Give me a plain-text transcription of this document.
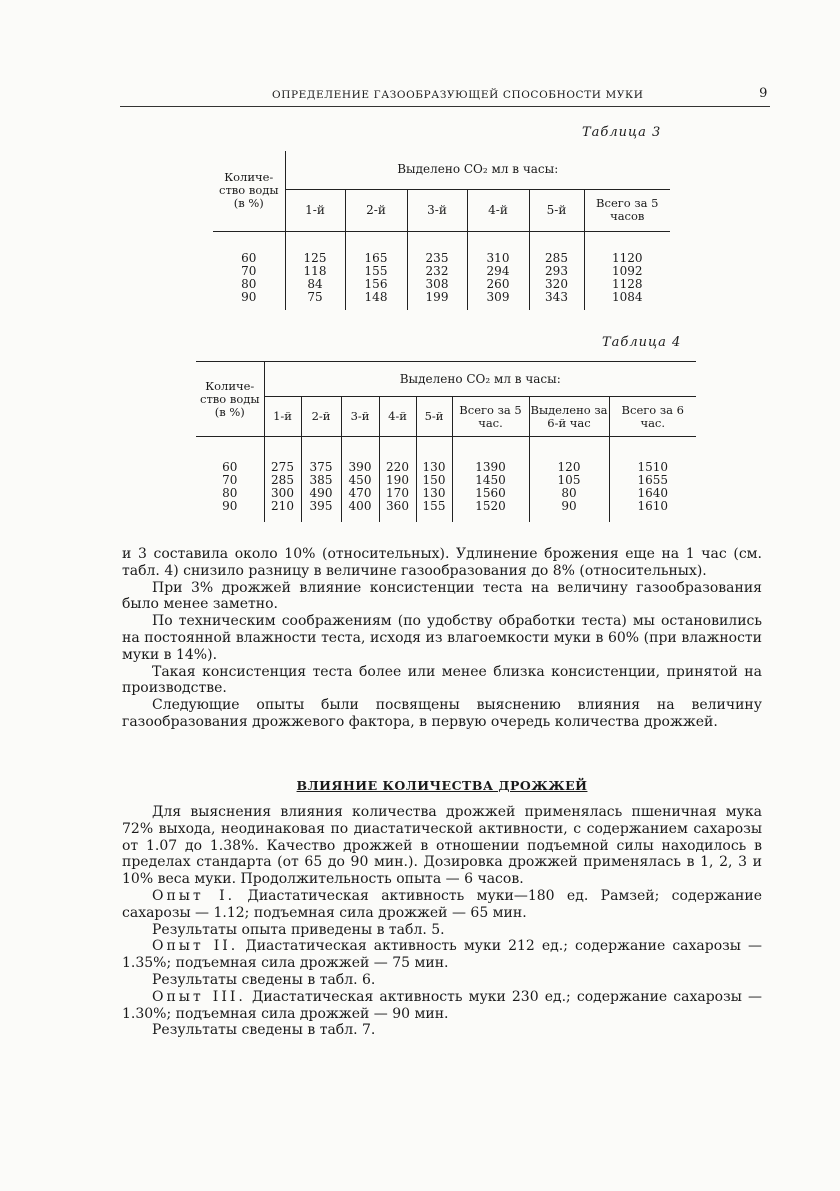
ОПРЕДЕЛЕНИЕ ГАЗООБРАЗУЮЩЕЙ СПОСОБНОСТИ МУКИ	9
Таблица 3
Количе-ство воды (в %)	Выделено CO₂ мл в часы:					
	1-й	2-й	3-й	4-й	5-й	Всего за 5 часов

60	125	165	235	310	285	1120
70	118	155	232	294	293	1092
80	84	156	308	260	320	1128
90	75	148	199	309	343	1084

Таблица 4
Количе-ство воды (в %)	Выделено CO₂ мл в часы:							
	1-й	2-й	3-й	4-й	5-й	Всего за 5 час.	Выделено за 6-й час	Всего за 6 час.

60	275	375	390	220	130	1390	120	1510
70	285	385	450	190	150	1450	105	1655
80	300	490	470	170	130	1560	80	1640
90	210	395	400	360	155	1520	90	1610

и 3 составила около 10% (относительных). Удлинение брожения еще на 1 час (см. табл. 4) снизило разницу в величине газообразования до 8% (относительных).

При 3% дрожжей влияние консистенции теста на величину газообразования было менее заметно.

По техническим соображениям (по удобству обработки теста) мы остановились на постоянной влажности теста, исходя из влагоемкости муки в 60% (при влажности муки в 14%).

Такая консистенция теста более или менее близка консистенции, принятой на производстве.

Следующие опыты были посвящены выяснению влияния на величину газообразования дрожжевого фактора, в первую очередь количества дрожжей.

ВЛИЯНИЕ КОЛИЧЕСТВА ДРОЖЖЕЙ

Для выяснения влияния количества дрожжей применялась пшеничная мука 72% выхода, неодинаковая по диастатической активности, с содержанием сахарозы от 1.07 до 1.38%. Качество дрожжей в отношении подъемной силы находилось в пределах стандарта (от 65 до 90 мин.). Дозировка дрожжей применялась в 1, 2, 3 и 10% веса муки. Продолжительность опыта — 6 часов.

Опыт I. Диастатическая активность муки—180 ед. Рамзей; содержание сахарозы — 1.12; подъемная сила дрожжей — 65 мин.

Результаты опыта приведены в табл. 5.

Опыт II. Диастатическая активность муки 212 ед.; содержание сахарозы — 1.35%; подъемная сила дрожжей — 75 мин.

Результаты сведены в табл. 6.

Опыт III. Диастатическая активность муки 230 ед.; содержание сахарозы — 1.30%; подъемная сила дрожжей — 90 мин.

Результаты сведены в табл. 7.
